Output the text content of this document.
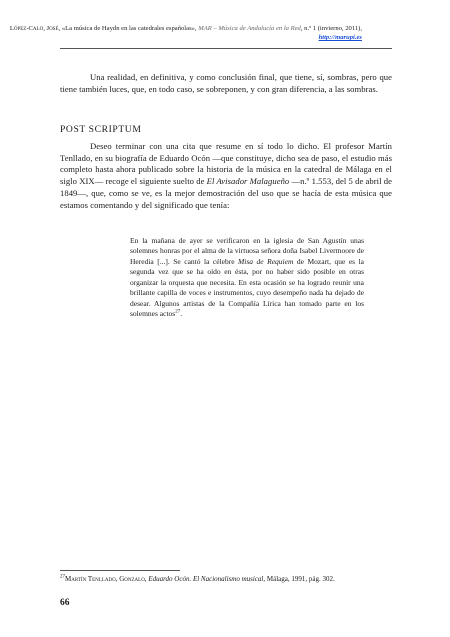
López-Calo, José, «La música de Haydn en las catedrales españolas», MAR – Música de Andalucía en la Red, n.º 1 (invierno, 2011), http://marupi.es

Una realidad, en definitiva, y como conclusión final, que tiene, sí, sombras, pero que tiene también luces, que, en todo caso, se sobreponen, y con gran diferencia, a las sombras.

POST SCRIPTUM

Deseo terminar con una cita que resume en sí todo lo dicho. El profesor Martín Tenllado, en su biografía de Eduardo Ocón —que constituye, dicho sea de paso, el estudio más completo hasta ahora publicado sobre la historia de la música en la catedral de Málaga en el siglo XIX— recoge el siguiente suelto de El Avisador Malagueño —n.º 1.553, del 5 de abril de 1849—, que, como se ve, es la mejor demostración del uso que se hacía de esta música que estamos comentando y del significado que tenía:

En la mañana de ayer se verificaron en la iglesia de San Agustín unas solemnes honras por el alma de la virtuosa señora doña Isabel Livermoore de Heredia [...]. Se cantó la célebre Misa de Requiem de Mozart, que es la segunda vez que se ha oído en ésta, por no haber sido posible en otras organizar la orquesta que necesita. En esta ocasión se ha logrado reunir una brillante capilla de voces e instrumentos, cuyo desempeño nada ha dejado de desear. Algunos artistas de la Compañía Lírica han tomado parte en los solemnes actos$^{27}$.

$^{27}$Martín Tenllado, Gonzalo, Eduardo Ocón. El Nacionalismo musical, Málaga, 1991, pág. 302.
66
